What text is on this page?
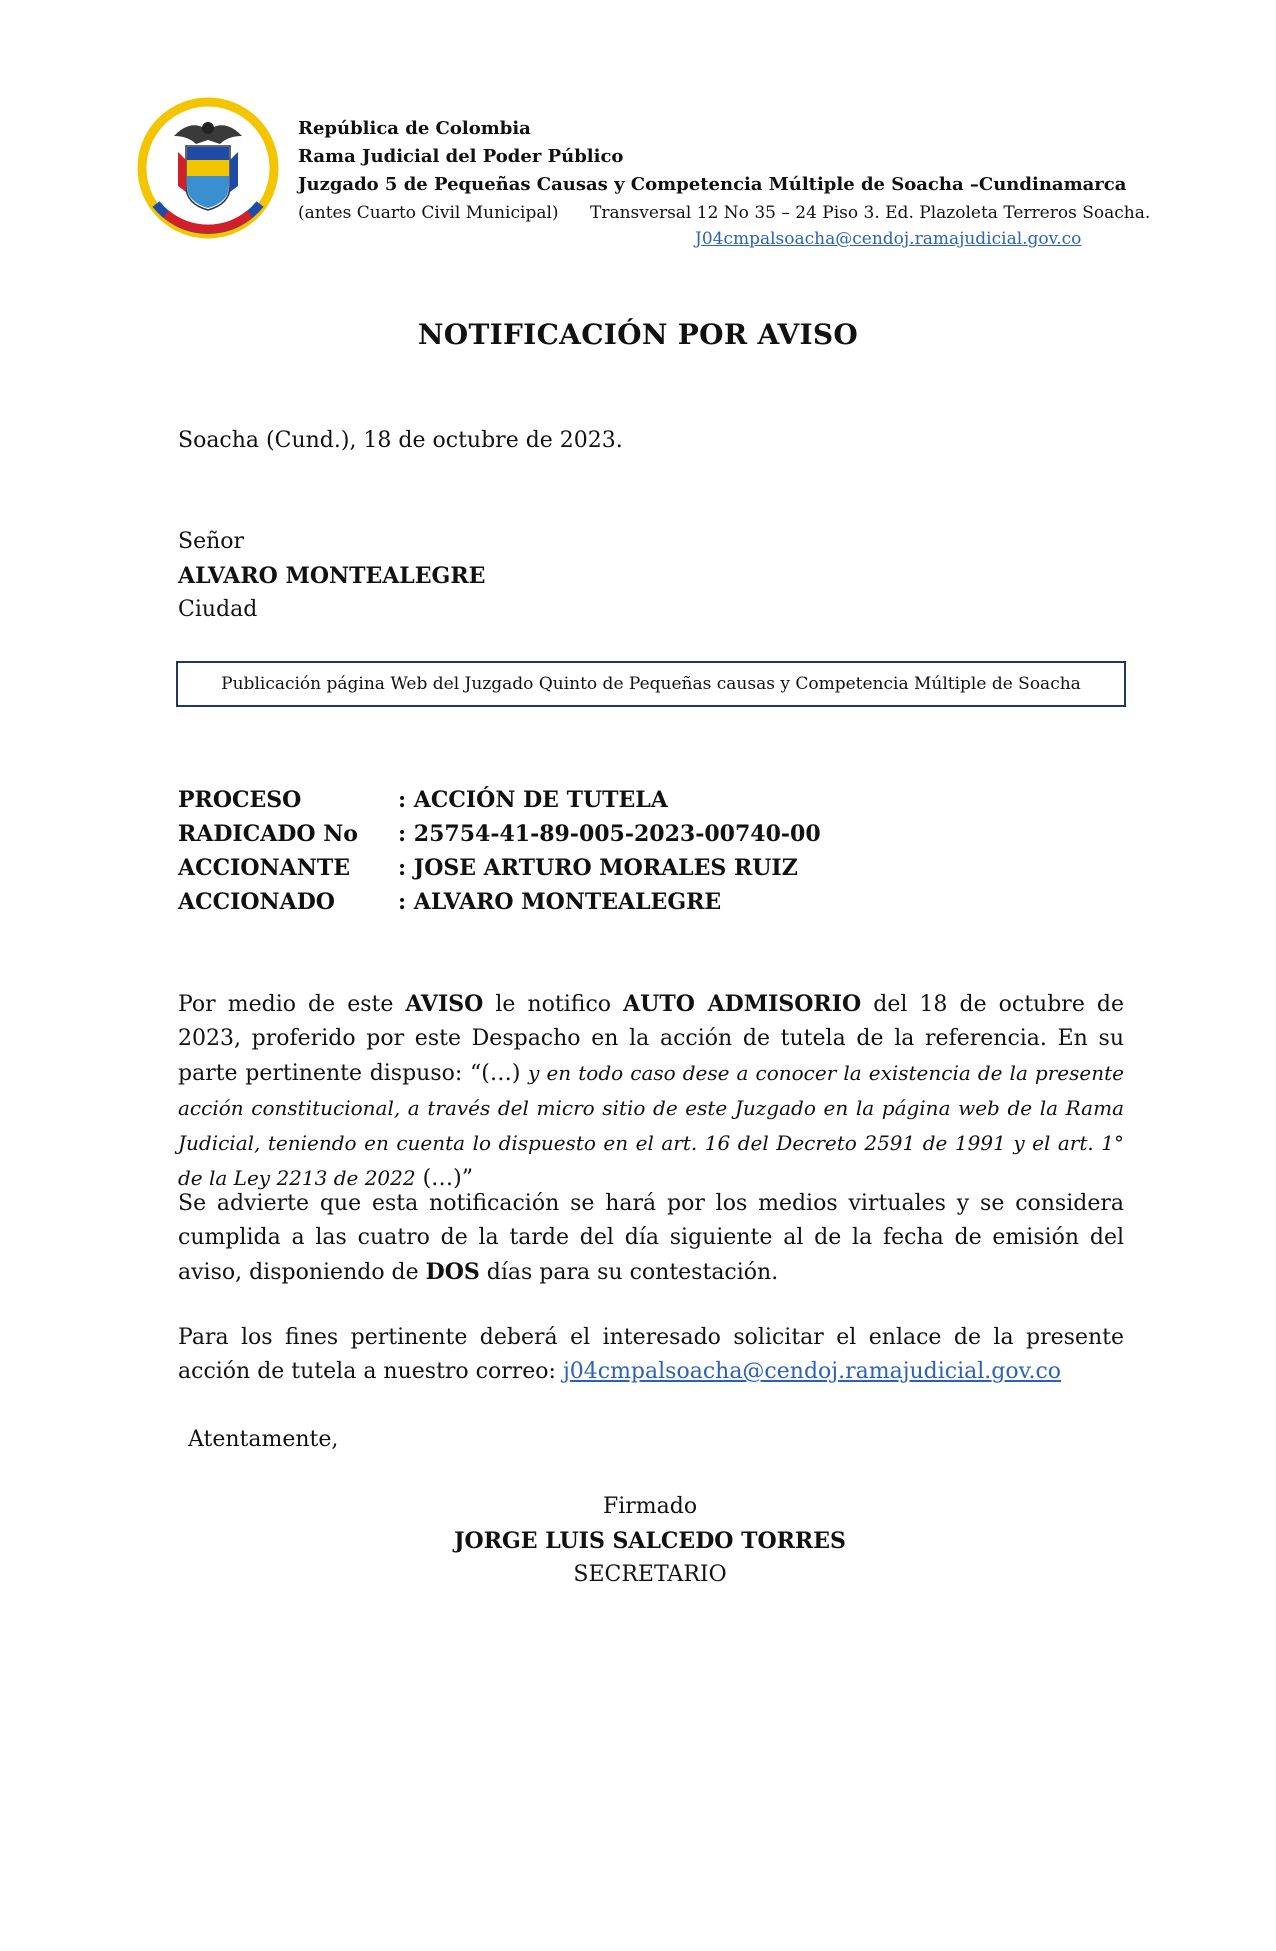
República de Colombia
Rama Judicial del Poder Público
Juzgado 5 de Pequeñas Causas y Competencia Múltiple de Soacha –Cundinamarca
(antes Cuarto Civil Municipal) Transversal 12 No 35 – 24 Piso 3. Ed. Plazoleta Terreros Soacha.
J04cmpalsoacha@cendoj.ramajudicial.gov.co
NOTIFICACIÓN POR AVISO
Soacha (Cund.), 18 de octubre de 2023.
Señor
ALVARO MONTEALEGRE
Ciudad
Publicación página Web del Juzgado Quinto de Pequeñas causas y Competencia Múltiple de Soacha
PROCESO	: ACCIÓN DE TUTELA
RADICADO No : 25754-41-89-005-2023-00740-00
ACCIONANTE : JOSE ARTURO MORALES RUIZ
ACCIONADO	: ALVARO MONTEALEGRE
Por medio de este AVISO le notifico AUTO ADMISORIO del 18 de octubre de 2023, proferido por este Despacho en la acción de tutela de la referencia. En su parte pertinente dispuso: “(…) y en todo caso dese a conocer la existencia de la presente acción constitucional, a través del micro sitio de este Juzgado en la página web de la Rama Judicial, teniendo en cuenta lo dispuesto en el art. 16 del Decreto 2591 de 1991 y el art. 1° de la Ley 2213 de 2022 (…)”
Se advierte que esta notificación se hará por los medios virtuales y se considera cumplida a las cuatro de la tarde del día siguiente al de la fecha de emisión del aviso, disponiendo de DOS días para su contestación.
Para los fines pertinente deberá el interesado solicitar el enlace de la presente acción de tutela a nuestro correo: j04cmpalsoacha@cendoj.ramajudicial.gov.co
Atentamente,
Firmado
JORGE LUIS SALCEDO TORRES
SECRETARIO
